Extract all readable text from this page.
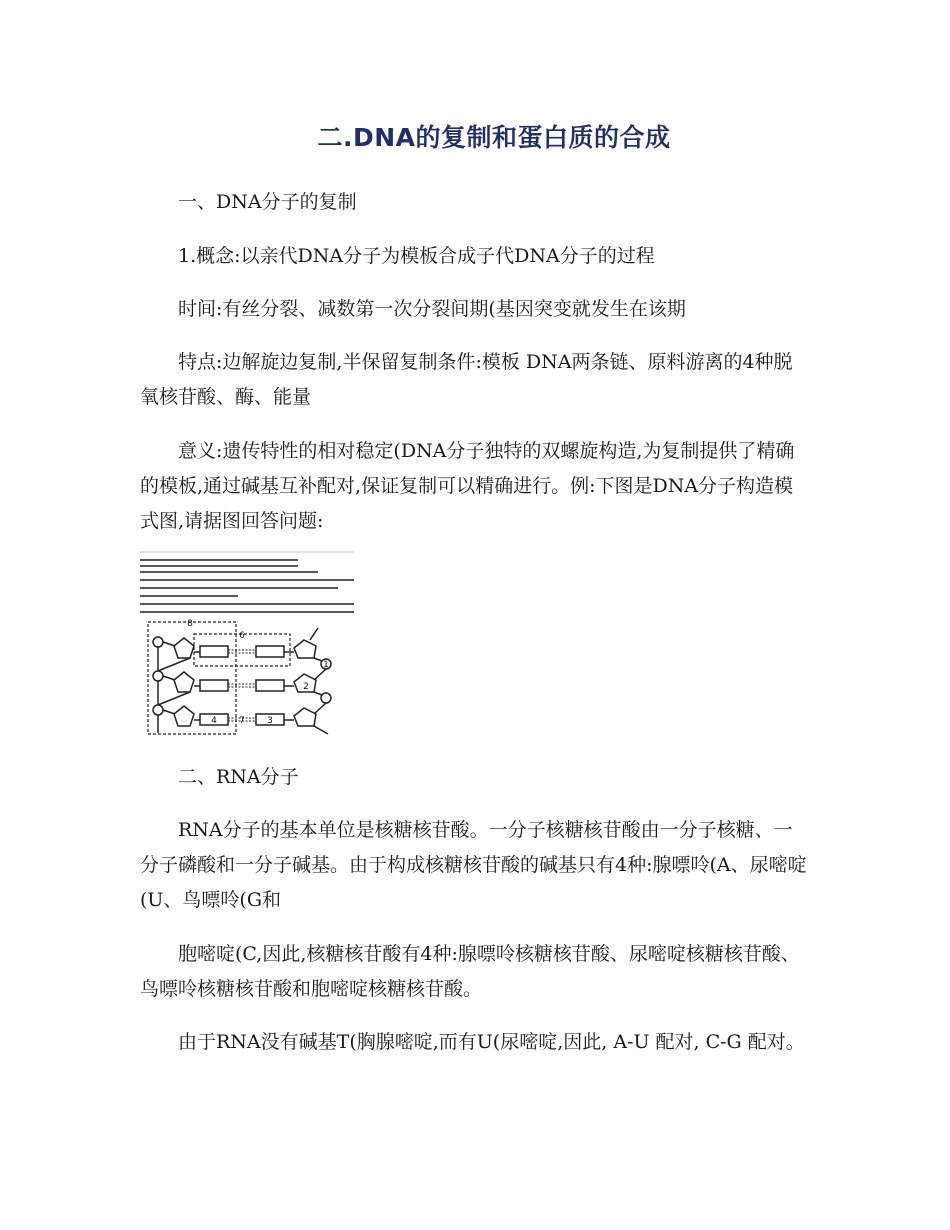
二.DNA的复制和蛋白质的合成

一、DNA分子的复制

1.概念:以亲代DNA分子为模板合成子代DNA分子的过程

时间:有丝分裂、减数第一次分裂间期(基因突变就发生在该期

特点:边解旋边复制,半保留复制条件:模板 DNA两条链、原料游离的4种脱氧核苷酸、酶、能量

意义:遗传特性的相对稳定(DNA分子独特的双螺旋构造,为复制提供了精确的模板,通过碱基互补配对,保证复制可以精确进行。例:下图是DNA分子构造模式图,请据图回答问题:

8
6
1
2
4 7 3

二、RNA分子

RNA分子的基本单位是核糖核苷酸。一分子核糖核苷酸由一分子核糖、一分子磷酸和一分子碱基。由于构成核糖核苷酸的碱基只有4种:腺嘌呤(A、尿嘧啶(U、鸟嘌呤(G和

胞嘧啶(C,因此,核糖核苷酸有4种:腺嘌呤核糖核苷酸、尿嘧啶核糖核苷酸、鸟嘌呤核糖核苷酸和胞嘧啶核糖核苷酸。

由于RNA没有碱基T(胸腺嘧啶,而有U(尿嘧啶,因此, A-U 配对, C-G 配对。
